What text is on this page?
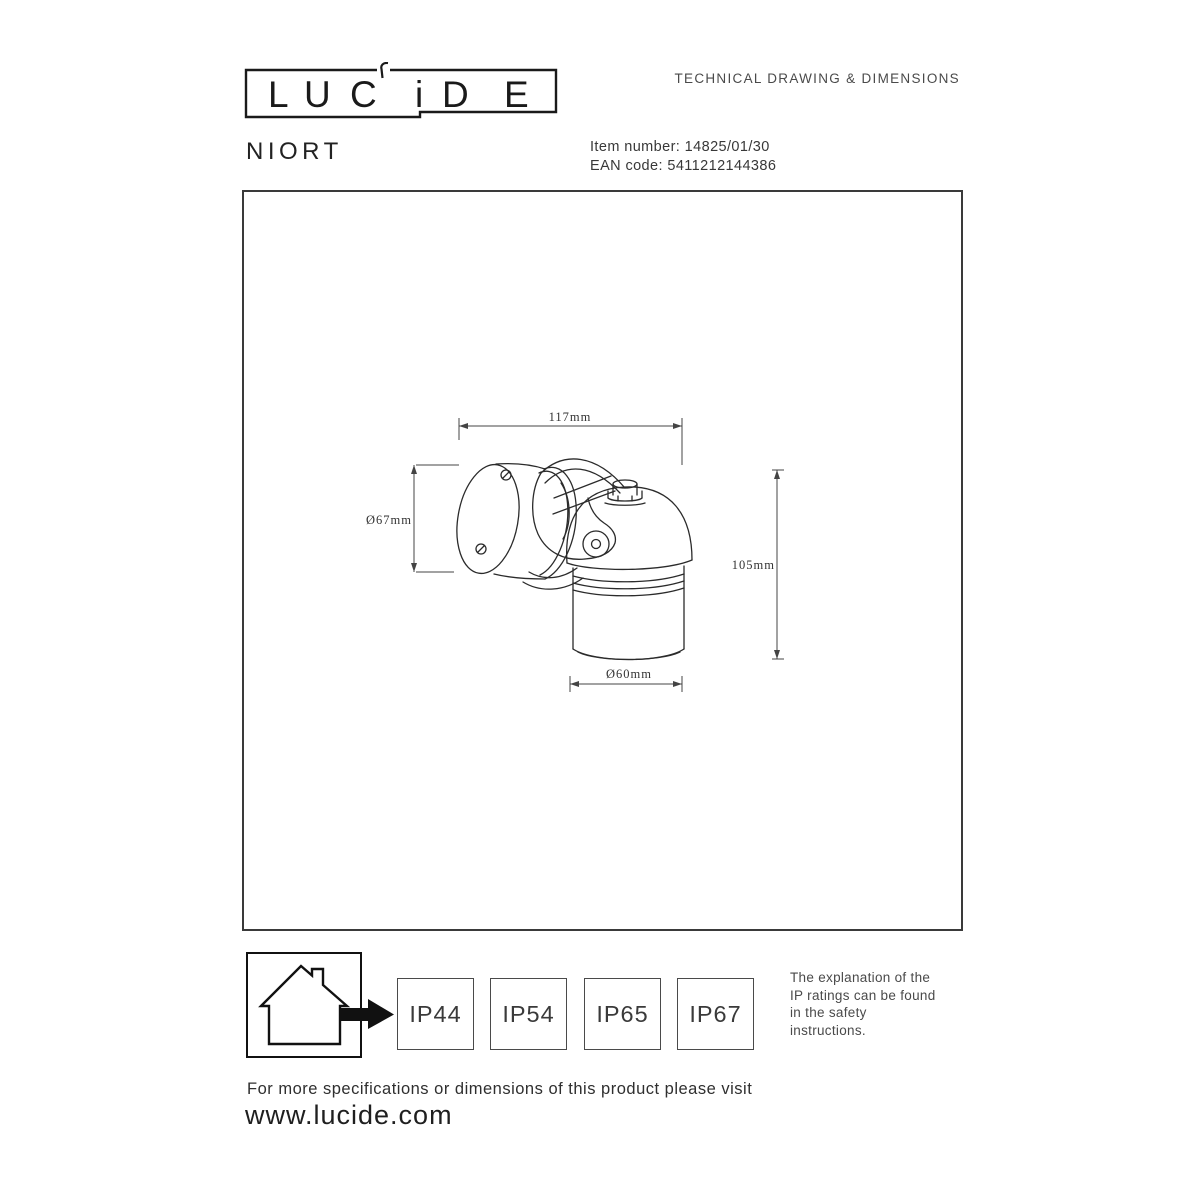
L U C i D E	TECHNICAL DRAWING & DIMENSIONS
NIORT	Item number: 14825/01/30
EAN code: 5411212144386
117mm
Ø67mm
105mm
Ø60mm
IP44 IP54 IP65 IP67
The explanation of the
IP ratings can be found
in the safety
instructions.
For more specifications or dimensions of this product please visit
www.lucide.com
